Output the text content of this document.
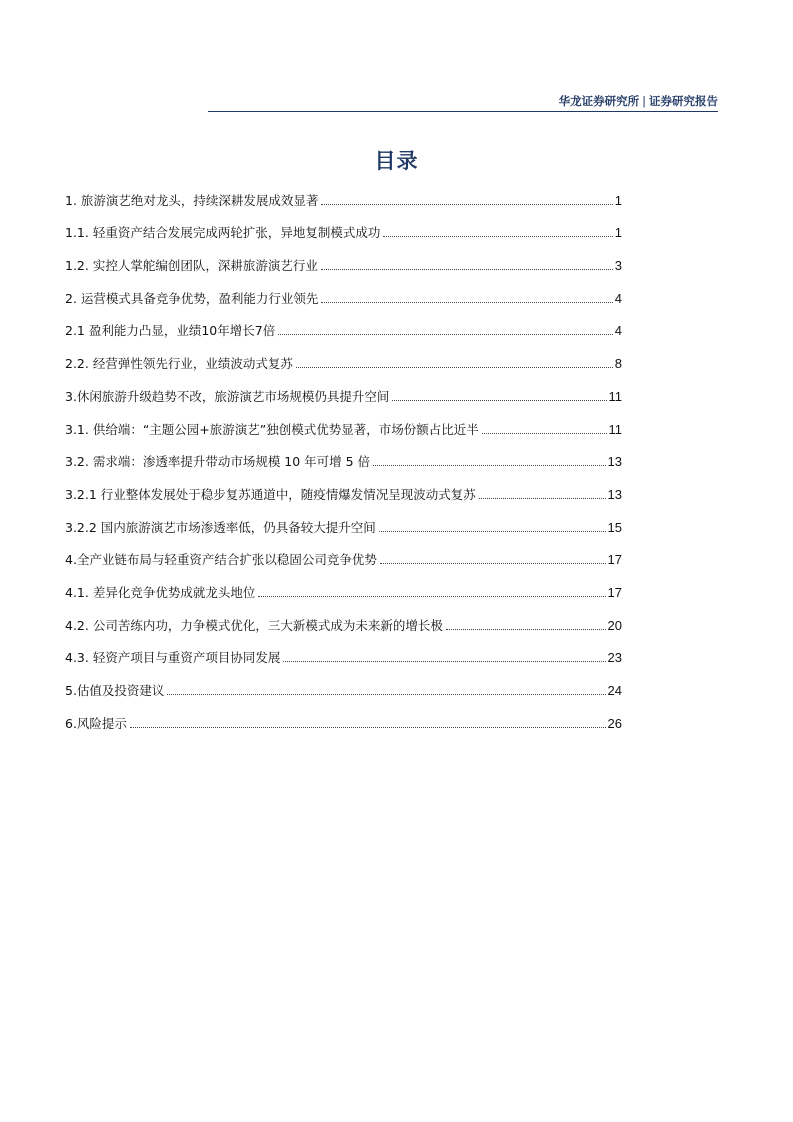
华龙证券研究所 | 证券研究报告
目录
1. 旅游演艺绝对龙头，持续深耕发展成效显著	1
1.1. 轻重资产结合发展完成两轮扩张，异地复制模式成功	1
1.2. 实控人掌舵编创团队，深耕旅游演艺行业	3
2. 运营模式具备竞争优势，盈利能力行业领先	4
2.1 盈利能力凸显，业绩10年增长7倍	4
2.2. 经营弹性领先行业，业绩波动式复苏	8
3.休闲旅游升级趋势不改，旅游演艺市场规模仍具提升空间	11
3.1. 供给端：“主题公园+旅游演艺”独创模式优势显著，市场份额占比近半	11
3.2. 需求端：渗透率提升带动市场规模 10 年可增 5 倍	13
3.2.1 行业整体发展处于稳步复苏通道中，随疫情爆发情况呈现波动式复苏	13
3.2.2 国内旅游演艺市场渗透率低，仍具备较大提升空间	15
4.全产业链布局与轻重资产结合扩张以稳固公司竞争优势	17
4.1. 差异化竞争优势成就龙头地位	17
4.2. 公司苦练内功，力争模式优化，三大新模式成为未来新的增长极	20
4.3. 轻资产项目与重资产项目协同发展	23
5.估值及投资建议	24
6.风险提示	26
